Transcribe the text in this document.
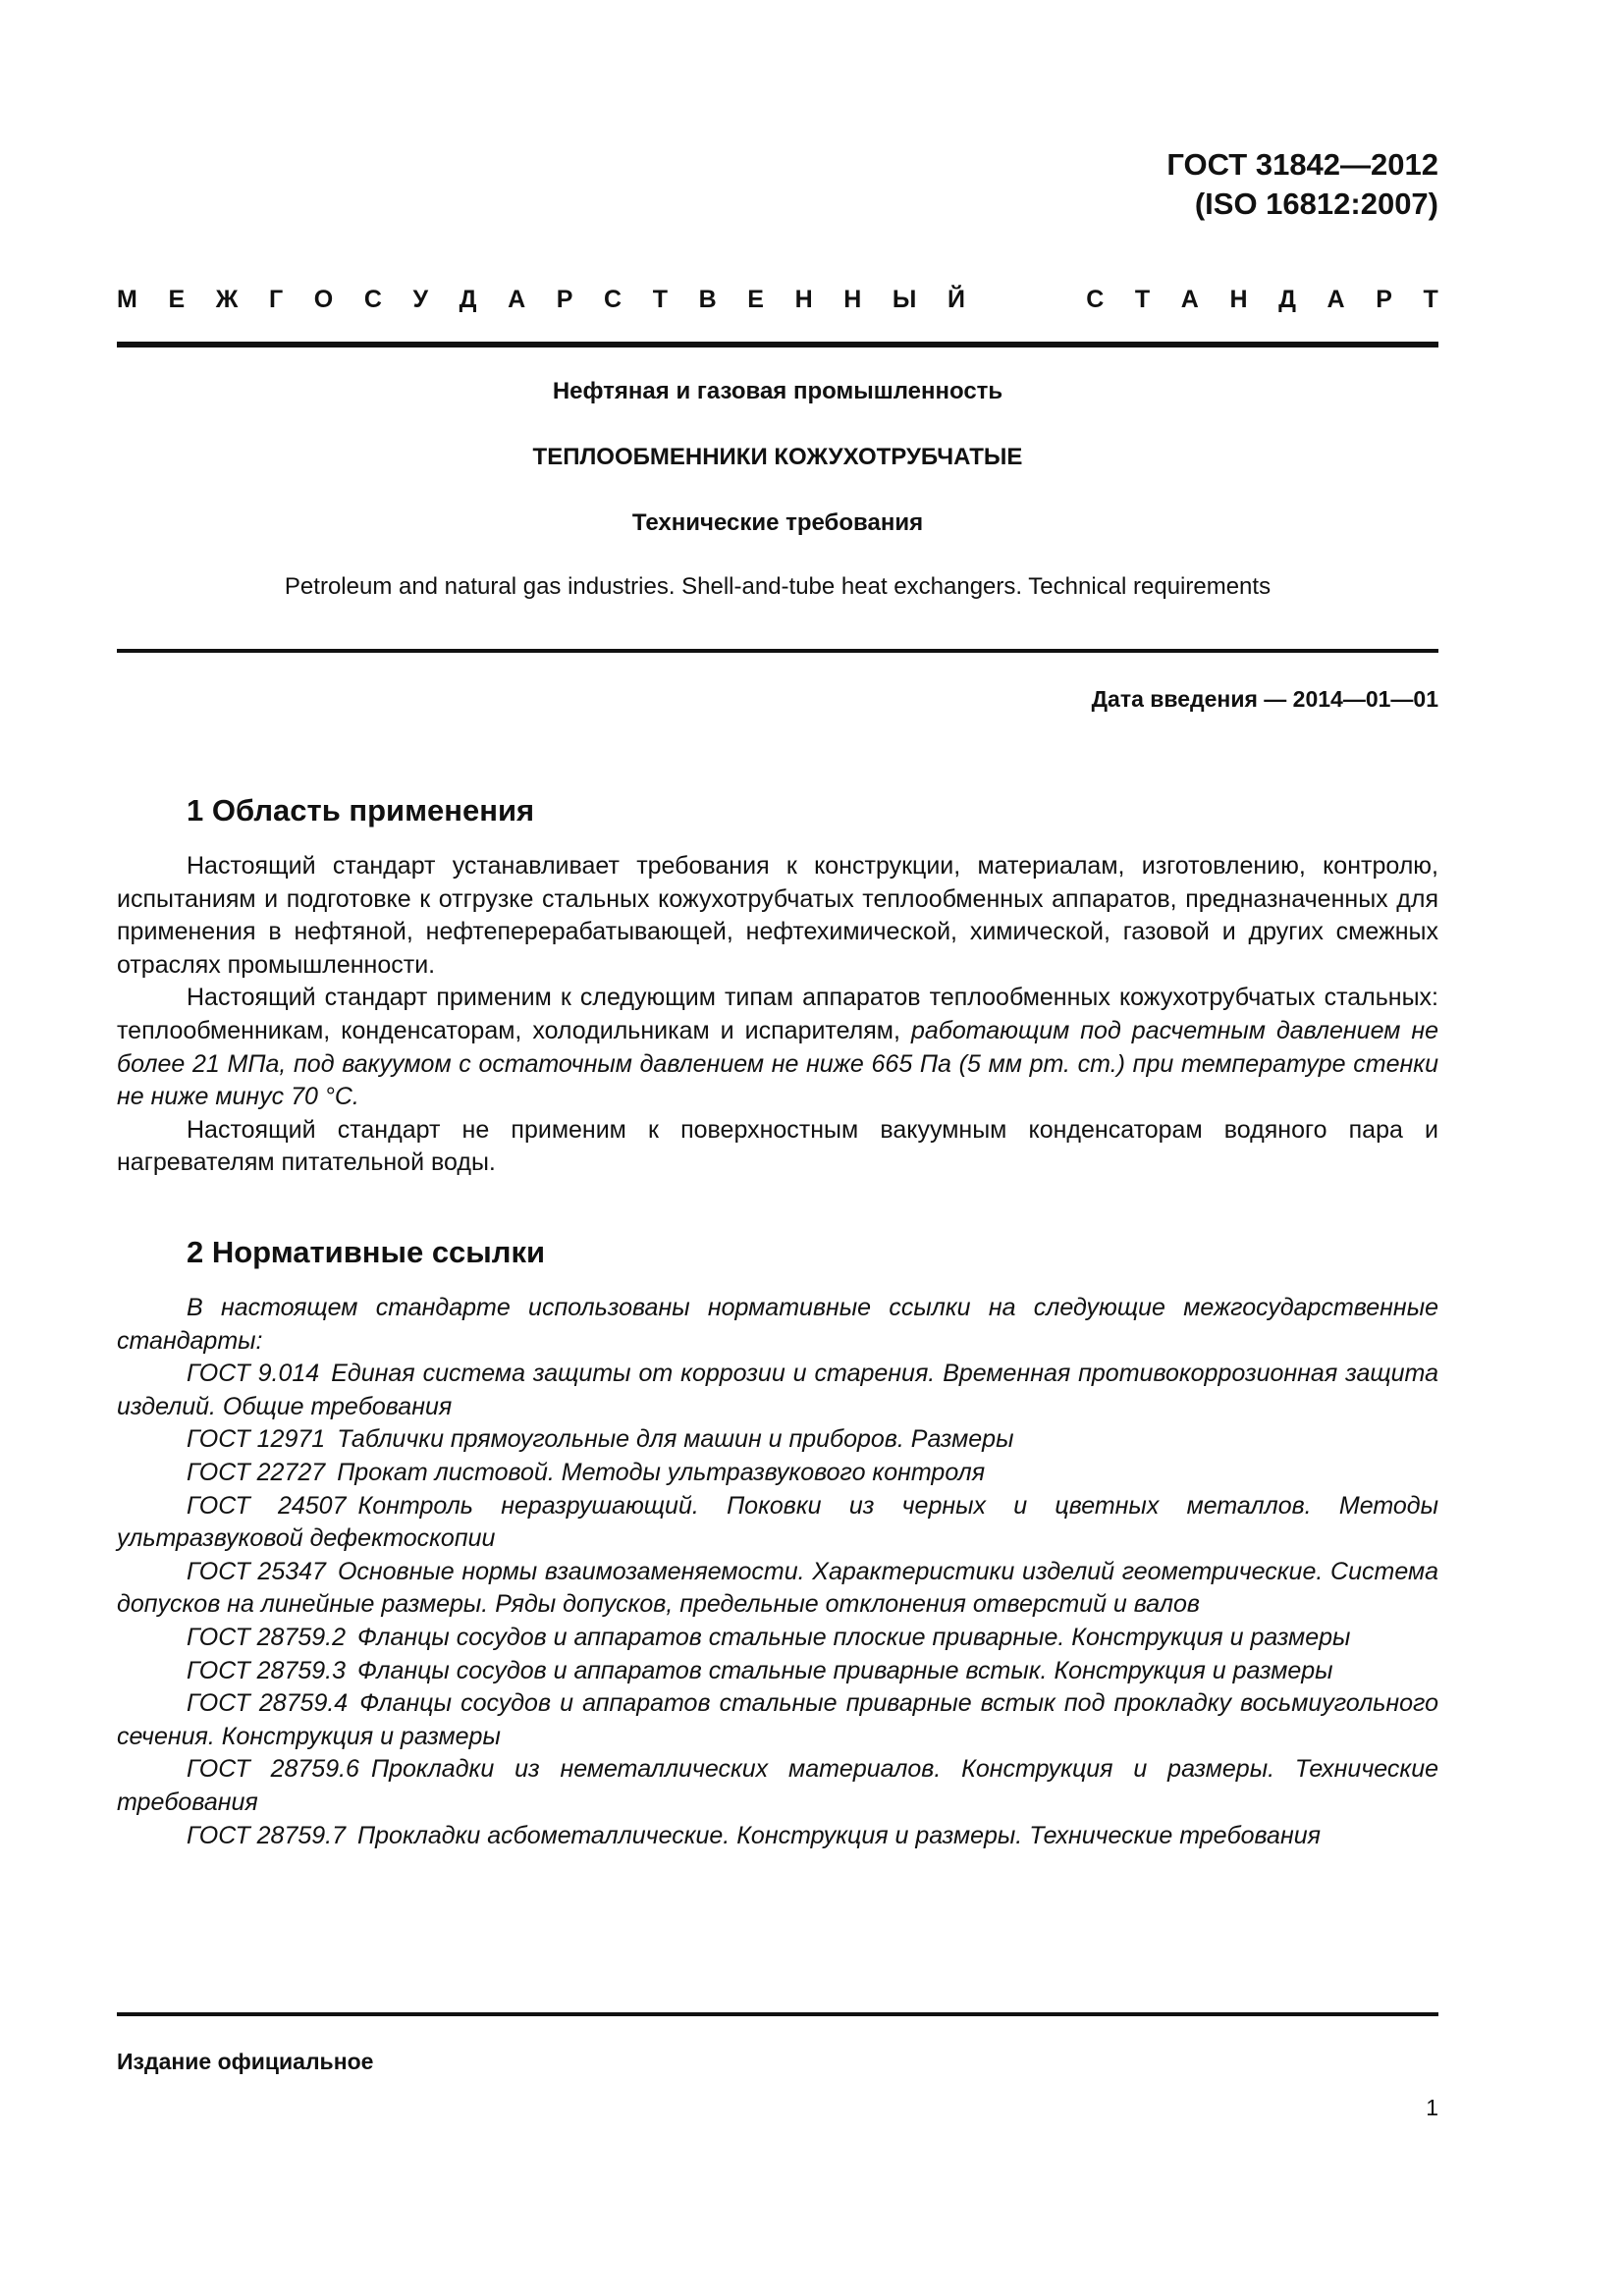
ГОСТ 31842—2012
(ISO 16812:2007)
М Е Ж Г О С У Д А Р С Т В Е Н Н Ы Й	С Т А Н Д А Р Т
Нефтяная и газовая промышленность
ТЕПЛООБМЕННИКИ КОЖУХОТРУБЧАТЫЕ
Технические требования
Petroleum and natural gas industries. Shell-and-tube heat exchangers. Technical requirements
Дата введения — 2014—01—01
1 Область применения

Настоящий стандарт устанавливает требования к конструкции, материалам, изготовлению, контролю, испытаниям и подготовке к отгрузке стальных кожухотрубчатых теплообменных аппаратов, предназначенных для применения в нефтяной, нефтеперерабатывающей, нефтехимической, химической, газовой и других смежных отраслях промышленности.

Настоящий стандарт применим к следующим типам аппаратов теплообменных кожухотрубчатых стальных: теплообменникам, конденсаторам, холодильникам и испарителям, работающим под расчетным давлением не более 21 МПа, под вакуумом с остаточным давлением не ниже 665 Па (5 мм рт. ст.) при температуре стенки не ниже минус 70 °С.

Настоящий стандарт не применим к поверхностным вакуумным конденсаторам водяного пара и нагревателям питательной воды.

2 Нормативные ссылки

В настоящем стандарте использованы нормативные ссылки на следующие межгосударственные стандарты:

ГОСТ 9.014 Единая система защиты от коррозии и старения. Временная противокоррозионная защита изделий. Общие требования

ГОСТ 12971 Таблички прямоугольные для машин и приборов. Размеры

ГОСТ 22727 Прокат листовой. Методы ультразвукового контроля

ГОСТ 24507 Контроль неразрушающий. Поковки из черных и цветных металлов. Методы ультразвуковой дефектоскопии

ГОСТ 25347 Основные нормы взаимозаменяемости. Характеристики изделий геометрические. Система допусков на линейные размеры. Ряды допусков, предельные отклонения отверстий и валов

ГОСТ 28759.2 Фланцы сосудов и аппаратов стальные плоские приварные. Конструкция и размеры

ГОСТ 28759.3 Фланцы сосудов и аппаратов стальные приварные встык. Конструкция и размеры

ГОСТ 28759.4 Фланцы сосудов и аппаратов стальные приварные встык под прокладку восьмиугольного сечения. Конструкция и размеры

ГОСТ 28759.6 Прокладки из неметаллических материалов. Конструкция и размеры. Технические требования

ГОСТ 28759.7 Прокладки асбометаллические. Конструкция и размеры. Технические требования

Издание официальное
1
